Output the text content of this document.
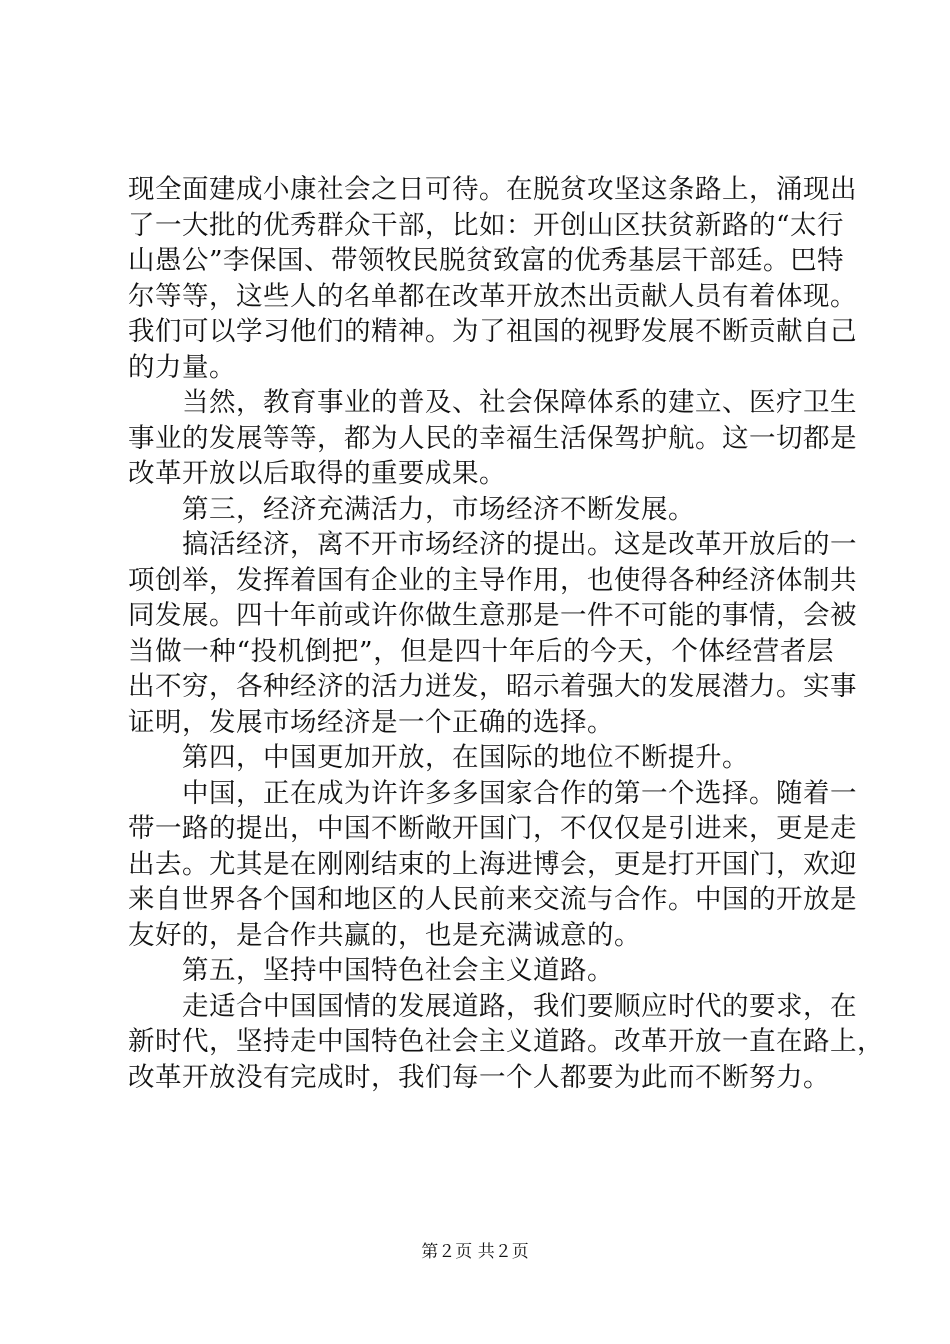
现全面建成小康社会之日可待。在脱贫攻坚这条路上，涌现出
了一大批的优秀群众干部，比如：开创山区扶贫新路的“太行
山愚公”李保国、带领牧民脱贫致富的优秀基层干部廷。巴特
尔等等，这些人的名单都在改革开放杰出贡献人员有着体现。
我们可以学习他们的精神。为了祖国的视野发展不断贡献自己
的力量。
当然，教育事业的普及、社会保障体系的建立、医疗卫生
事业的发展等等，都为人民的幸福生活保驾护航。这一切都是
改革开放以后取得的重要成果。
第三，经济充满活力，市场经济不断发展。
搞活经济，离不开市场经济的提出。这是改革开放后的一
项创举，发挥着国有企业的主导作用，也使得各种经济体制共
同发展。四十年前或许你做生意那是一件不可能的事情，会被
当做一种“投机倒把”，但是四十年后的今天，个体经营者层
出不穷，各种经济的活力迸发，昭示着强大的发展潜力。实事
证明，发展市场经济是一个正确的选择。
第四，中国更加开放，在国际的地位不断提升。
中国，正在成为许许多多国家合作的第一个选择。随着一
带一路的提出，中国不断敞开国门，不仅仅是引进来，更是走
出去。尤其是在刚刚结束的上海进博会，更是打开国门，欢迎
来自世界各个国和地区的人民前来交流与合作。中国的开放是
友好的，是合作共赢的，也是充满诚意的。
第五，坚持中国特色社会主义道路。
走适合中国国情的发展道路，我们要顺应时代的要求，在
新时代，坚持走中国特色社会主义道路。改革开放一直在路上，
改革开放没有完成时，我们每一个人都要为此而不断努力。
第２页 共２页
